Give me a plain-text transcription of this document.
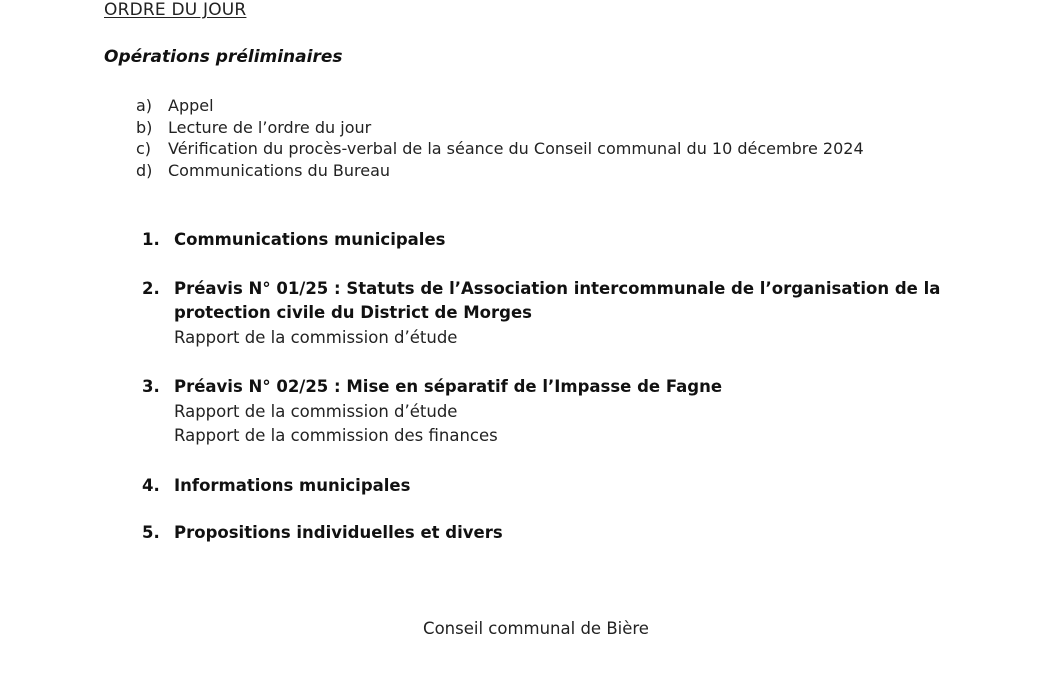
ORDRE DU JOUR
Opérations préliminaires
a) Appel
b) Lecture de l’ordre du jour
c)	Vérification du procès-verbal de la séance du Conseil communal du 10 décembre 2024
d) Communications du Bureau
1. Communications municipales
2. Préavis N° 01/25 : Statuts de l’Association intercommunale de l’organisation de la protection civile du District de Morges
Rapport de la commission d’étude
3. Préavis N° 02/25 : Mise en séparatif de l’Impasse de Fagne
Rapport de la commission d’étude
Rapport de la commission des finances
4. Informations municipales
5. Propositions individuelles et divers
Conseil communal de Bière
